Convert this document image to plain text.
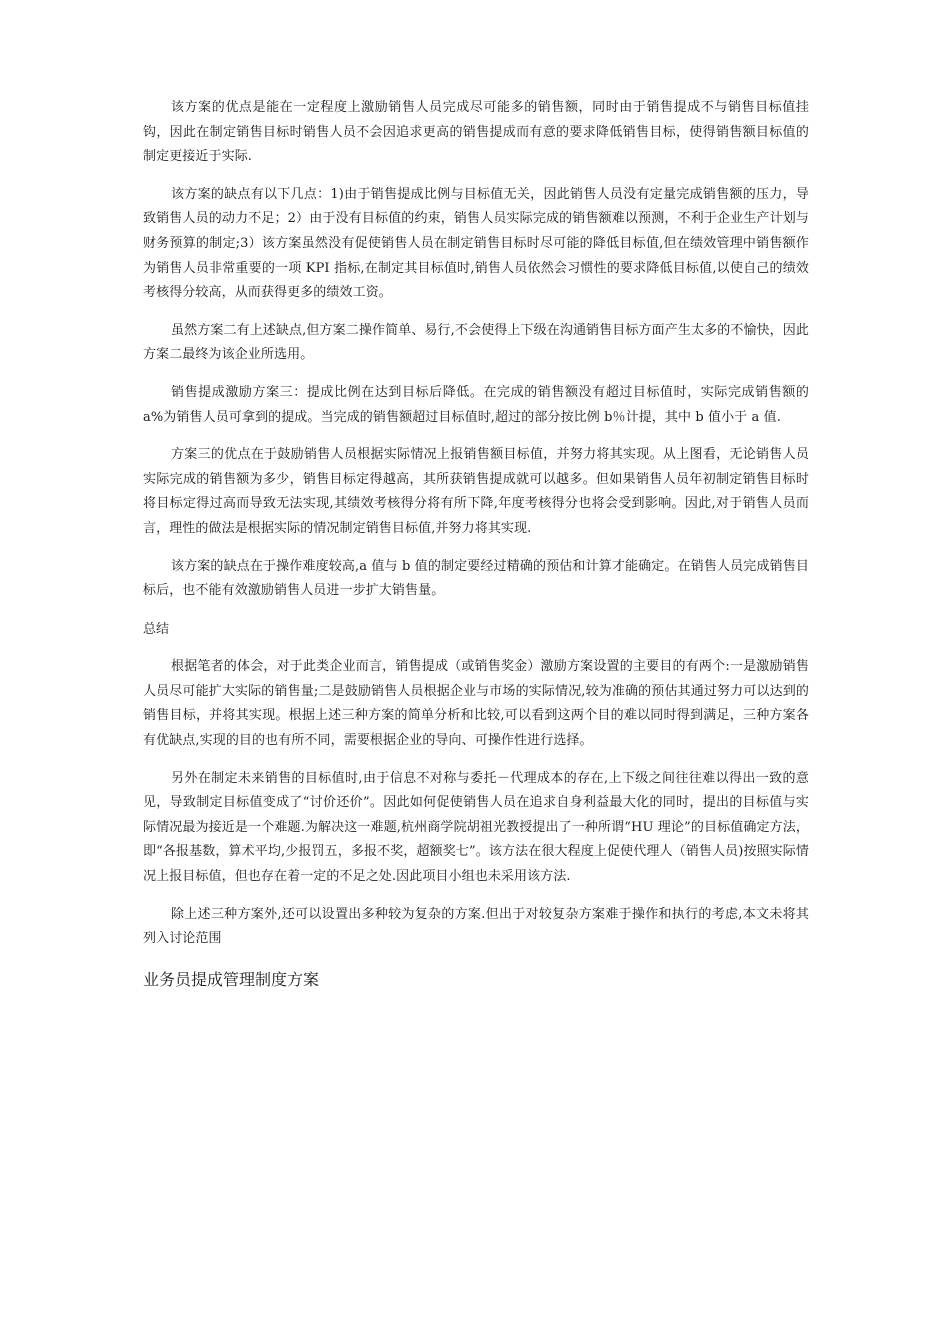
该方案的优点是能在一定程度上激励销售人员完成尽可能多的销售额，同时由于销售提成不与销售目标值挂钩，因此在制定销售目标时销售人员不会因追求更高的销售提成而有意的要求降低销售目标，使得销售额目标值的制定更接近于实际.

该方案的缺点有以下几点：1)由于销售提成比例与目标值无关，因此销售人员没有定量完成销售额的压力，导致销售人员的动力不足；2）由于没有目标值的约束，销售人员实际完成的销售额难以预测，不利于企业生产计划与财务预算的制定;3）该方案虽然没有促使销售人员在制定销售目标时尽可能的降低目标值,但在绩效管理中销售额作为销售人员非常重要的一项 KPI 指标,在制定其目标值时,销售人员依然会习惯性的要求降低目标值,以使自己的绩效考核得分较高，从而获得更多的绩效工资。

虽然方案二有上述缺点,但方案二操作简单、易行,不会使得上下级在沟通销售目标方面产生太多的不愉快，因此方案二最终为该企业所选用。

销售提成激励方案三：提成比例在达到目标后降低。在完成的销售额没有超过目标值时，实际完成销售额的 a%为销售人员可拿到的提成。当完成的销售额超过目标值时,超过的部分按比例 b％计提，其中 b 值小于 a 值.

方案三的优点在于鼓励销售人员根据实际情况上报销售额目标值，并努力将其实现。从上图看，无论销售人员实际完成的销售额为多少，销售目标定得越高，其所获销售提成就可以越多。但如果销售人员年初制定销售目标时将目标定得过高而导致无法实现,其绩效考核得分将有所下降,年度考核得分也将会受到影响。因此,对于销售人员而言，理性的做法是根据实际的情况制定销售目标值,并努力将其实现.

该方案的缺点在于操作难度较高,a 值与 b 值的制定要经过精确的预估和计算才能确定。在销售人员完成销售目标后，也不能有效激励销售人员进一步扩大销售量。

总结

根据笔者的体会，对于此类企业而言，销售提成（或销售奖金）激励方案设置的主要目的有两个:一是激励销售人员尽可能扩大实际的销售量;二是鼓励销售人员根据企业与市场的实际情况,较为准确的预估其通过努力可以达到的销售目标，并将其实现。根据上述三种方案的简单分析和比较,可以看到这两个目的难以同时得到满足，三种方案各有优缺点,实现的目的也有所不同，需要根据企业的导向、可操作性进行选择。

另外在制定未来销售的目标值时,由于信息不对称与委托－代理成本的存在,上下级之间往往难以得出一致的意见，导致制定目标值变成了“讨价还价”。因此如何促使销售人员在追求自身利益最大化的同时，提出的目标值与实际情况最为接近是一个难题.为解决这一难题,杭州商学院胡祖光教授提出了一种所谓“HU 理论”的目标值确定方法，即“各报基数，算术平均,少报罚五，多报不奖，超额奖七”。该方法在很大程度上促使代理人（销售人员)按照实际情况上报目标值，但也存在着一定的不足之处.因此项目小组也未采用该方法.

除上述三种方案外,还可以设置出多种较为复杂的方案.但出于对较复杂方案难于操作和执行的考虑,本文未将其列入讨论范围

业务员提成管理制度方案
